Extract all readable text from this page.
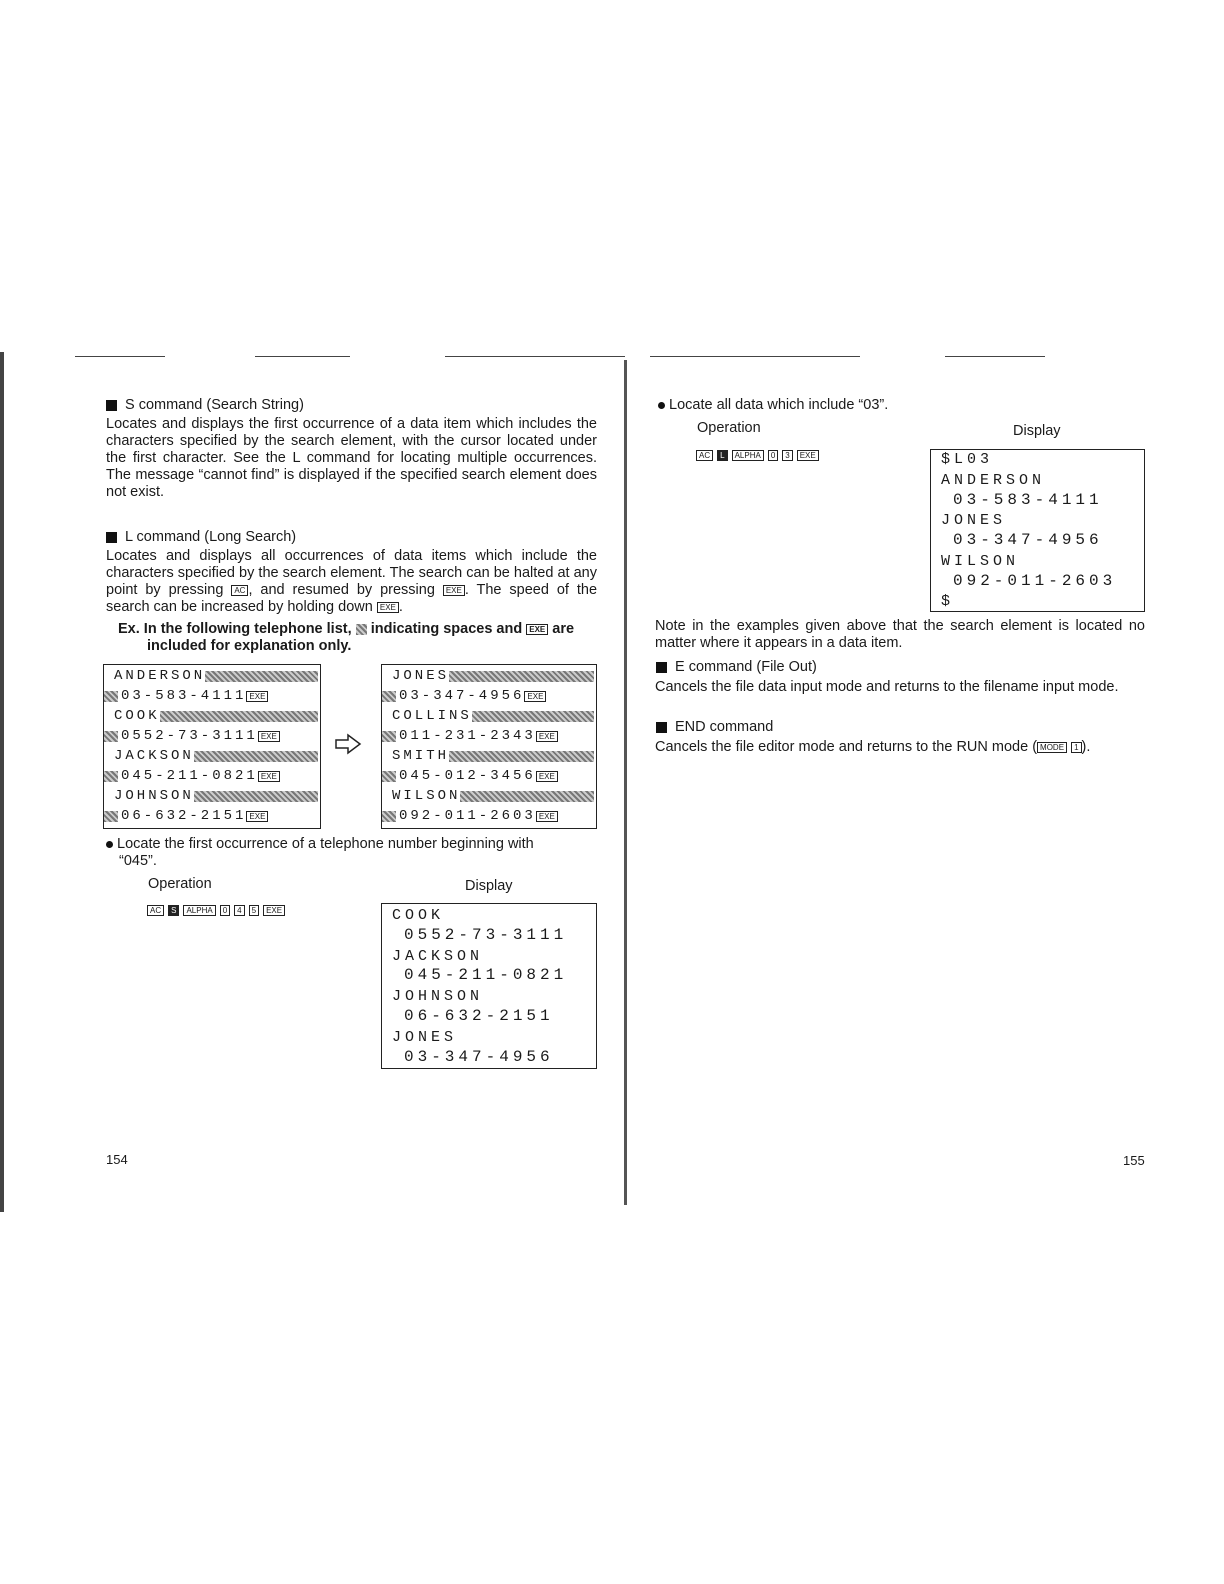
S command (Search String)
Locates and displays the first occurrence of a data item which includes the characters specified by the search element, with the cursor located under the first character. See the L command for locating multiple occurrences. The message “cannot find” is displayed if the specified search element does not exist.
L command (Long Search)
Locates and displays all occurrences of data items which include the characters specified by the search element. The search can be halted at any point by pressing AC , and resumed by pressing EXE . The speed of the search can be increased by holding down EXE .
Ex. In the following telephone list, indicating spaces and EXE are
included for explanation only.
ANDERSON
03-583-4111 EXE
COOK
0552-73-3111 EXE
JACKSON
045-211-0821 EXE
JOHNSON
06-632-2151 EXE
JONES
03-347-4956 EXE
COLLINS
011-231-2343 EXE
SMITH
045-012-3456 EXE
WILSON
092-011-2603 EXE
Locate the first occurrence of a telephone number beginning with
“045”.
Operation	Display
AC	S	ALPHA	0	4	5	EXE	COOK
0552-73-3111
JACKSON
045-211-0821
JOHNSON
06-632-2151
JONES
03-347-4956
154
Locate all data which include “03”.
Operation	Display
AC	L	ALPHA	0	3	EXE	$L03
ANDERSON
03-583-4111
JONES
03-347-4956
WILSON
092-011-2603
$
Note in the examples given above that the search element is located no matter where it appears in a data item.
E command (File Out)
Cancels the file data input mode and returns to the filename input mode.
END command
Cancels the file editor mode and returns to the RUN mode ( MODE 1 ).
155
